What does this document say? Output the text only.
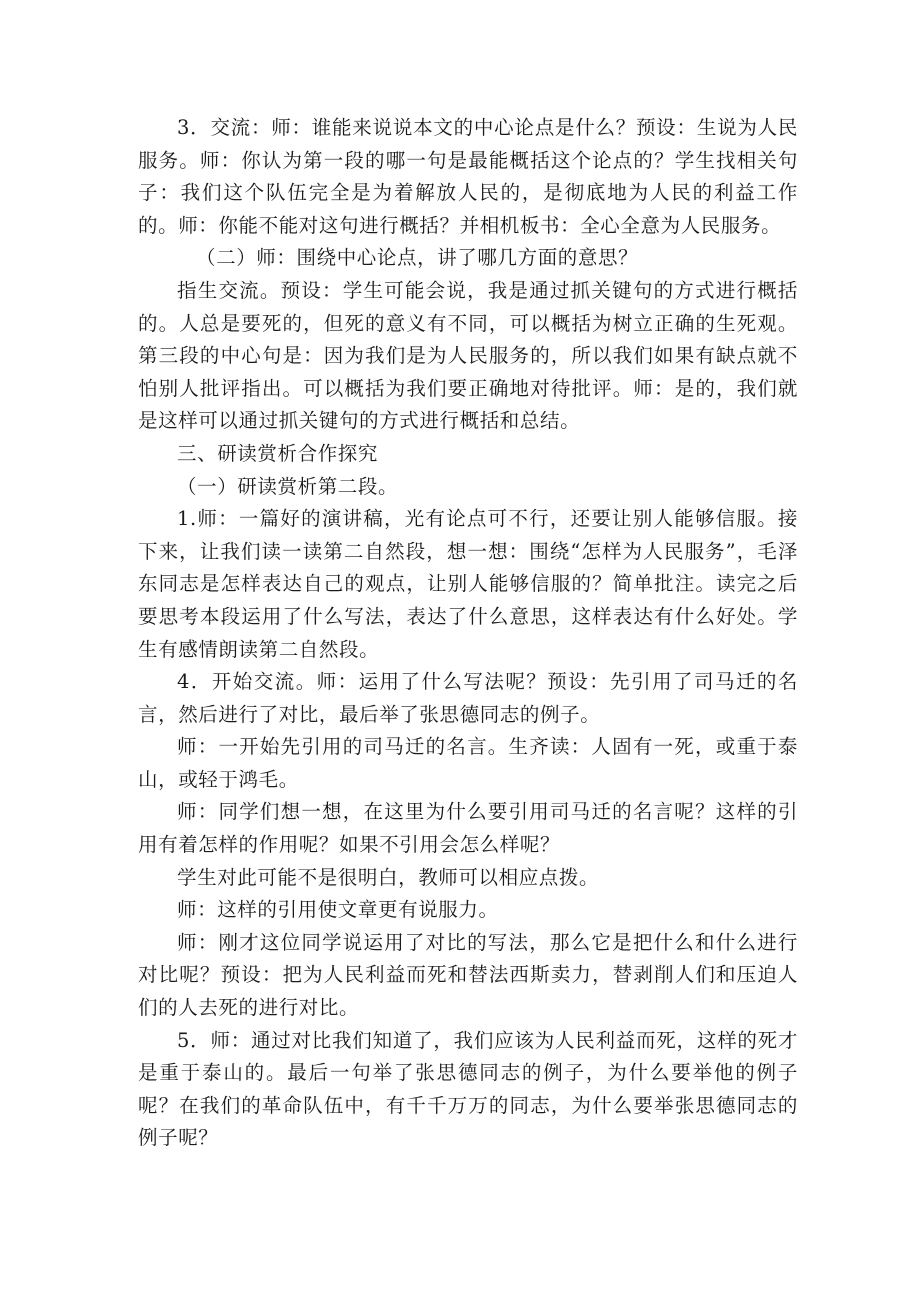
3．交流：师：谁能来说说本文的中心论点是什么？预设：生说为人民服务。师：你认为第一段的哪一句是最能概括这个论点的？学生找相关句子：我们这个队伍完全是为着解放人民的，是彻底地为人民的利益工作的。师：你能不能对这句进行概括？并相机板书：全心全意为人民服务。

（二）师：围绕中心论点，讲了哪几方面的意思？

指生交流。预设：学生可能会说，我是通过抓关键句的方式进行概括的。人总是要死的，但死的意义有不同，可以概括为树立正确的生死观。第三段的中心句是：因为我们是为人民服务的，所以我们如果有缺点就不怕别人批评指出。可以概括为我们要正确地对待批评。师：是的，我们就是这样可以通过抓关键句的方式进行概括和总结。

三、研读赏析合作探究

（一）研读赏析第二段。

1.师：一篇好的演讲稿，光有论点可不行，还要让别人能够信服。接下来，让我们读一读第二自然段，想一想：围绕“怎样为人民服务”，毛泽东同志是怎样表达自己的观点，让别人能够信服的？简单批注。读完之后要思考本段运用了什么写法，表达了什么意思，这样表达有什么好处。学生有感情朗读第二自然段。

4．开始交流。师：运用了什么写法呢？预设：先引用了司马迁的名言，然后进行了对比，最后举了张思德同志的例子。

师：一开始先引用的司马迁的名言。生齐读：人固有一死，或重于泰山，或轻于鸿毛。

师：同学们想一想，在这里为什么要引用司马迁的名言呢？这样的引用有着怎样的作用呢？如果不引用会怎么样呢？

学生对此可能不是很明白，教师可以相应点拨。

师：这样的引用使文章更有说服力。

师：刚才这位同学说运用了对比的写法，那么它是把什么和什么进行对比呢？预设：把为人民利益而死和替法西斯卖力，替剥削人们和压迫人们的人去死的进行对比。

5．师：通过对比我们知道了，我们应该为人民利益而死，这样的死才是重于泰山的。最后一句举了张思德同志的例子，为什么要举他的例子呢？在我们的革命队伍中，有千千万万的同志，为什么要举张思德同志的例子呢？
